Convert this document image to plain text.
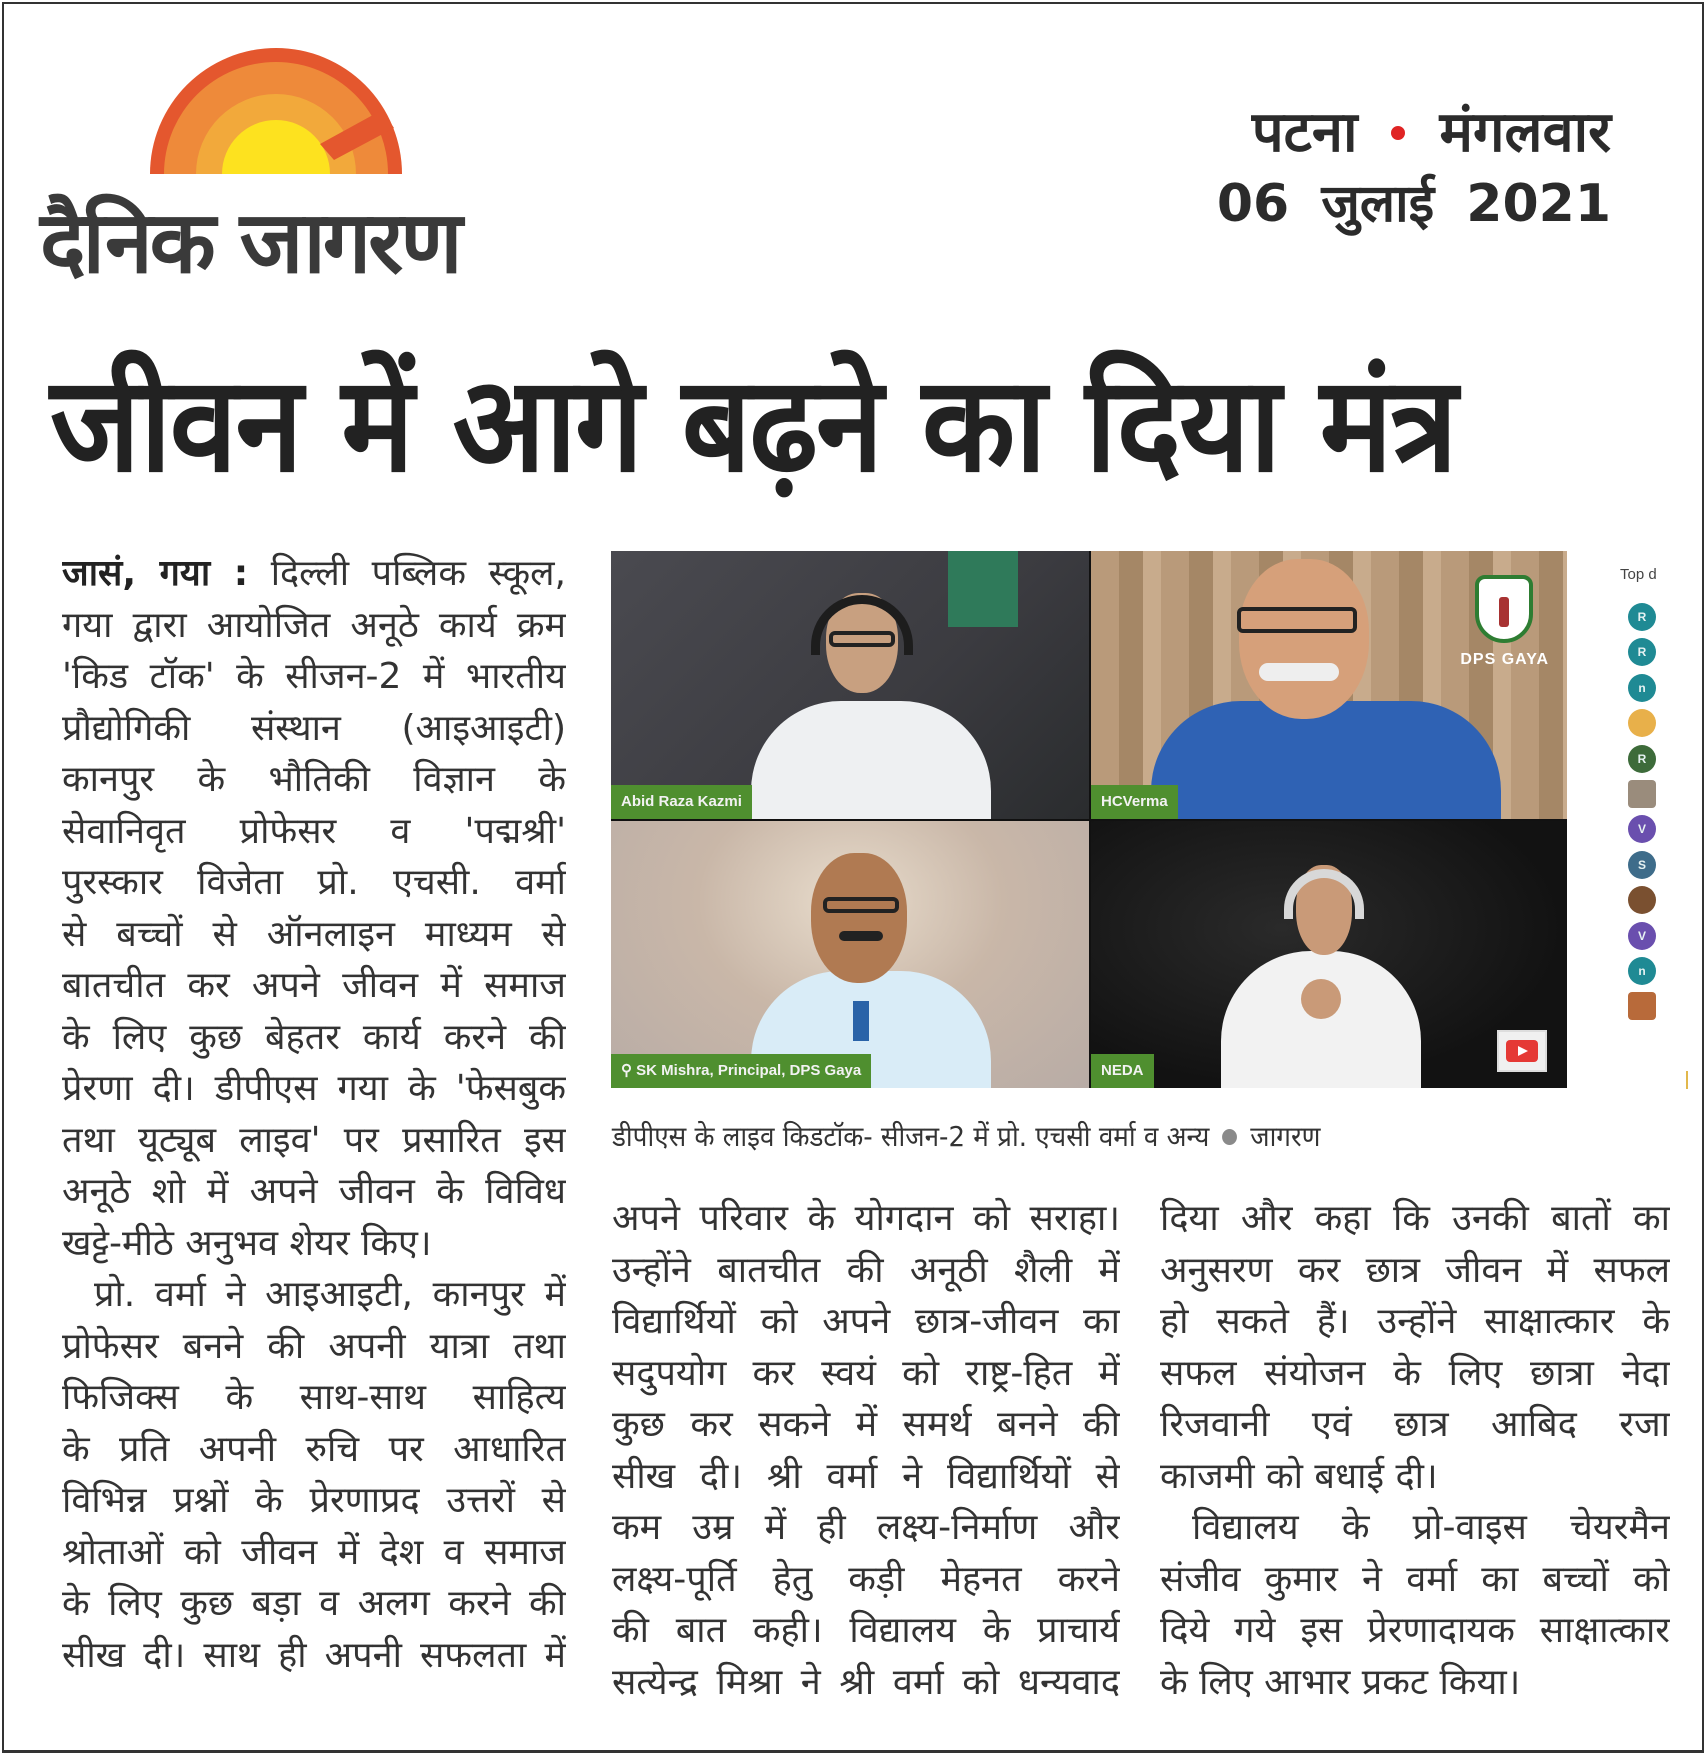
दैनिक जागरण
पटना मंगलवार
06 जुलाई 2021
जीवन में आगे बढ़ने का दिया मंत्र
जासं, गया : दिल्ली पब्लिक स्कूल,
गया द्वारा आयोजित अनूठे कार्य क्रम
'किड टॉक' के सीजन-2 में भारतीय
प्रौद्योगिकी संस्थान (आइआइटी)
कानपुर के भौतिकी विज्ञान के
सेवानिवृत प्रोफेसर व 'पद्मश्री'
पुरस्कार विजेता प्रो. एचसी. वर्मा
से बच्चों से ऑनलाइन माध्यम से
बातचीत कर अपने जीवन में समाज
के लिए कुछ बेहतर कार्य करने की
प्रेरणा दी। डीपीएस गया के 'फेसबुक
तथा यूट्यूब लाइव' पर प्रसारित इस
अनूठे शो में अपने जीवन के विविध
खट्टे-मीठे अनुभव शेयर किए।
प्रो. वर्मा ने आइआइटी, कानपुर में
प्रोफेसर बनने की अपनी यात्रा तथा
फिजिक्स के साथ-साथ साहित्य
के प्रति अपनी रुचि पर आधारित
विभिन्न प्रश्नों के प्रेरणाप्रद उत्तरों से
श्रोताओं को जीवन में देश व समाज
के लिए कुछ बड़ा व अलग करने की
सीख दी। साथ ही अपनी सफलता में
Abid Raza Kazmi
DPS GAYA
HCVerma
⚲ SK Mishra, Principal, DPS Gaya	NEDA
Top d
R
R
n
R
V
S
V
n
डीपीएस के लाइव किडटॉक- सीजन-2 में प्रो. एचसी वर्मा व अन्य जागरण
अपने परिवार के योगदान को सराहा।
उन्होंने बातचीत की अनूठी शैली में
विद्यार्थियों को अपने छात्र-जीवन का
सदुपयोग कर स्वयं को राष्ट्र-हित में
कुछ कर सकने में समर्थ बनने की
सीख दी। श्री वर्मा ने विद्यार्थियों से
कम उम्र में ही लक्ष्य-निर्माण और
लक्ष्य-पूर्ति हेतु कड़ी मेहनत करने
की बात कही। विद्यालय के प्राचार्य
सत्येन्द्र मिश्रा ने श्री वर्मा को धन्यवाद
दिया और कहा कि उनकी बातों का
अनुसरण कर छात्र जीवन में सफल
हो सकते हैं। उन्होंने साक्षात्कार के
सफल संयोजन के लिए छात्रा नेदा
रिजवानी एवं छात्र आबिद रजा
काजमी को बधाई दी।
विद्यालय के प्रो-वाइस चेयरमैन
संजीव कुमार ने वर्मा का बच्चों को
दिये गये इस प्रेरणादायक साक्षात्कार
के लिए आभार प्रकट किया।
